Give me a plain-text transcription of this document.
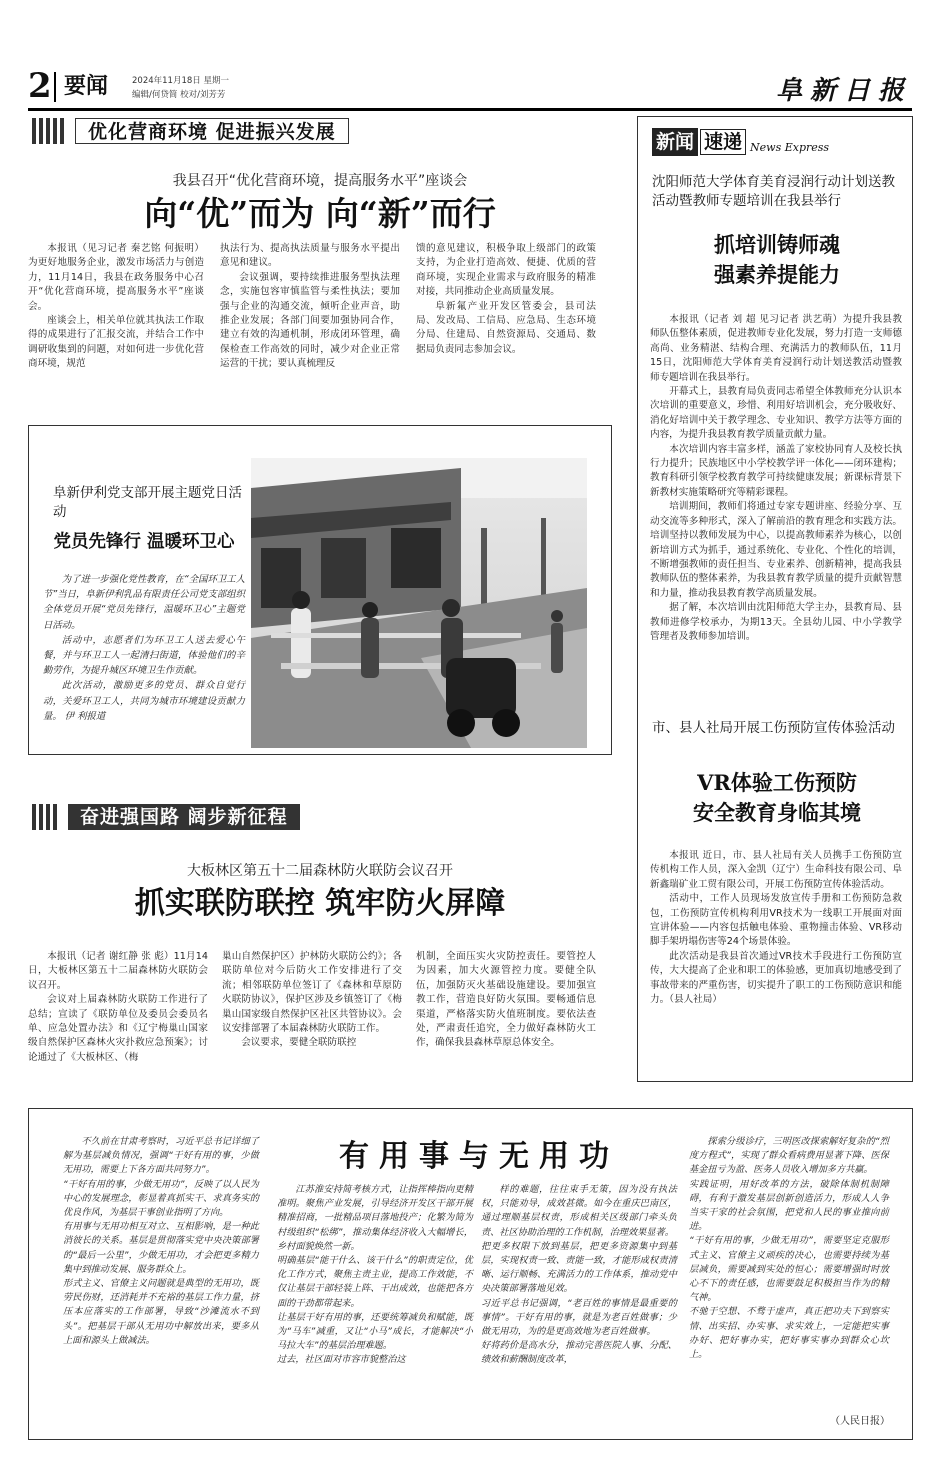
2 要闻	2024年11月18日 星期一
编辑/何贷简 校对/刘芳芳	阜新日报
优化营商环境 促进振兴发展
我县召开“优化营商环境，提高服务水平”座谈会
向“优”而为 向“新”而行

本报讯（见习记者 秦艺铭 何振明）为更好地服务企业，激发市场活力与创造力，11月14日，我县在政务服务中心召开“优化营商环境，提高服务水平”座谈会。

座谈会上，相关单位就其执法工作取得的成果进行了汇报交流，并结合工作中调研收集到的问题，对如何进一步优化营商环境，规范

执法行为、提高执法质量与服务水平提出意见和建议。

会议强调，要持续推进服务型执法理念，实施包容审慎监管与柔性执法；要加强与企业的沟通交流，倾听企业声音，助推企业发展；各部门间要加强协同合作，建立有效的沟通机制，形成闭环管理，确保检查工作高效的同时，减少对企业正常运营的干扰；要认真梳理反

馈的意见建议，积极争取上级部门的政策支持，为企业打造高效、便捷、优质的营商环境，实现企业需求与政府服务的精准对接，共同推动企业高质量发展。

阜新氟产业开发区管委会，县司法局、发改局、工信局、应急局、生态环境分局、住建局、自然资源局、交通局、数据局负责同志参加会议。

阜新伊利党支部开展主题党日活动
党员先锋行 温暖环卫心

为了进一步强化党性教育，在“全国环卫工人节”当日，阜新伊利乳品有限责任公司党支部组织全体党员开展“党员先锋行，温暖环卫心”主题党日活动。

活动中，志愿者们为环卫工人送去爱心午餐，并与环卫工人一起清扫街道，体验他们的辛勤劳作，为提升城区环境卫生作贡献。

此次活动，激励更多的党员、群众自觉行动，关爱环卫工人，共同为城市环境建设贡献力量。 伊 利报道

奋进强国路 阔步新征程
大板林区第五十二届森林防火联防会议召开
抓实联防联控 筑牢防火屏障

本报讯（记者 谢红静 张 彪）11月14日，大板林区第五十二届森林防火联防会议召开。

会议对上届森林防火联防工作进行了总结；宣读了《联防单位及委员会委员名单、应急处置办法》和《辽宁梅巢山国家级自然保护区森林火灾扑救应急预案》；讨论通过了《大板林区、（梅

巢山自然保护区）护林防火联防公约》；各联防单位对今后防火工作安排进行了交流；相邻联防单位签订了《森林和草原防火联防协议》，保护区涉及乡镇签订了《梅巢山国家级自然保护区社区共管协议》。会议安排部署了本届森林防火联防工作。

会议要求，要健全联防联控

机制，全面压实火灾防控责任。要管控人为因素，加大火源管控力度。要健全队伍，加强防灭火基础设施建设。要加强宣教工作，营造良好防火氛围。要畅通信息渠道，严格落实防火值班制度。要依法查处，严肃责任追究，全力做好森林防火工作，确保我县森林草原总体安全。

新闻 速递 News Express
沈阳师范大学体育美育浸润行动计划送教活动暨教师专题培训在我县举行
抓培训铸师魂
强素养提能力

本报讯（记者 刘 超 见习记者 洪艺萌）为提升我县教师队伍整体素质，促进教师专业化发展，努力打造一支师德高尚、业务精湛、结构合理、充满活力的教师队伍，11月15日，沈阳师范大学体育美育浸润行动计划送教活动暨教师专题培训在我县举行。

开幕式上，县教育局负责同志希望全体教师充分认识本次培训的重要意义，珍惜、利用好培训机会，充分吸收好、消化好培训中关于教学理念、专业知识、教学方法等方面的内容，为提升我县教育教学质量贡献力量。

本次培训内容丰富多样，涵盖了家校协同育人及校长执行力提升；民族地区中小学校教学评一体化——闭环建构；教育科研引领学校教育教学可持续健康发展；新课标背景下新教材实施策略研究等精彩课程。

培训期间，教师们将通过专家专题讲座、经验分享、互动交流等多种形式，深入了解前沿的教育理念和实践方法。培训坚持以教师发展为中心，以提高教师素养为核心，以创新培训方式为抓手，通过系统化、专业化、个性化的培训，不断增强教师的责任担当、专业素养、创新精神，提高我县教师队伍的整体素养，为我县教育教学质量的提升贡献智慧和力量，推动我县教育教学高质量发展。

据了解，本次培训由沈阳师范大学主办，县教育局、县教师进修学校承办，为期13天。全县幼儿园、中小学教学管理者及教师参加培训。

市、县人社局开展工伤预防宣传体验活动
VR体验工伤预防
安全教育身临其境

本报讯 近日，市、县人社局有关人员携手工伤预防宣传机构工作人员，深入金凯（辽宁）生命科技有限公司、阜新鑫瑞矿业工贸有限公司，开展工伤预防宣传体验活动。

活动中，工作人员现场发放宣传手册和工伤预防急救包，工伤预防宣传机构利用VR技术为一线职工开展面对面宣讲体验——内容包括触电体验、重物撞击体验、VR移动脚手架坍塌伤害等24个场景体验。

此次活动是我县首次通过VR技术手段进行工伤预防宣传，大大提高了企业和职工的体验感，更加真切地感受到了事故带来的严重伤害，切实提升了职工的工伤预防意识和能力。（县人社局）

有用事与无用功
不久前在甘肃考察时，习近平总书记详细了解为基层减负情况，强调“干好有用的事，少做无用功，需要上下各方面共同努力”。
“干好有用的事，少做无用功”，反映了以人民为中心的发展理念，彰显着真抓实干、求真务实的优良作风，为基层干事创业指明了方向。
有用事与无用功相互对立、互相影响，是一种此消彼长的关系。基层是贯彻落实党中央决策部署的“最后一公里”，少做无用功，才会把更多精力集中到推动发展、服务群众上。
形式主义、官僚主义问题就是典型的无用功，既劳民伤财，还消耗并不充裕的基层工作力量，挤压本应落实的工作部署，导致“沙滩流水不到头”。把基层干部从无用功中解放出来，要多从上面和源头上做减法。
江苏淮安持简考核方式，让指挥棒指向更精准明。聚焦产业发展，引导经济开发区干部开展精准招商，一批精品项目落地投产；化繁为简为村级组织“松绑”，推动集体经济收入大幅增长，乡村面貌焕然一新。
明确基层“能干什么、该干什么”的职责定位，优化工作方式，聚焦主责主业，提高工作效能，不仅让基层干部轻装上阵、干出成效，也能把各方面的干劲都带起来。
让基层干好有用的事，还要统筹减负和赋能，既为“马车”减重，又让“小马”成长，才能解决“小马拉大车”的基层治理难题。
过去，社区面对市容市貌整治这
样的难题，往往束手无策，因为没有执法权，只能劝导，成效甚微。如今在重庆巴南区，通过理顺基层权责，形成相关区级部门牵头负责、社区协助治理的工作机制，治理效果显著。
把更多权限下放到基层，把更多资源集中到基层，实现权责一致、责能一致，才能形成权责清晰、运行顺畅、充满活力的工作体系，推动党中央决策部署落地见效。
习近平总书记强调，“老百姓的事情是最重要的事情”。干好有用的事，就是为老百姓做事；少做无用功，为的是更高效地为老百姓做事。
好将药价是高水分，推动完善医院人事、分配、绩效和薪酬制度改革，
探索分级诊疗，三明医改探索解好复杂的“烈度方程式”，实现了群众看病费用显著下降、医保基金扭亏为盈、医务人员收入增加多方共赢。
实践证明，用好改革的方法，破除体制机制障碍，有利于激发基层创新创造活力，形成人人争当实干家的社会氛围，把党和人民的事业推向前进。
“干好有用的事，少做无用功”，需要坚定克服形式主义、官僚主义顽疾的决心，也需要持续为基层减负，需要减到实处的恒心；需要增强时时放心不下的责任感，也需要鼓足积极担当作为的精气神。
不驰于空想、不骛于虚声，真正把功夫下到察实情、出实招、办实事、求实效上，一定能把实事办好、把好事办实，把好事实事办到群众心坎上。
（人民日报）
